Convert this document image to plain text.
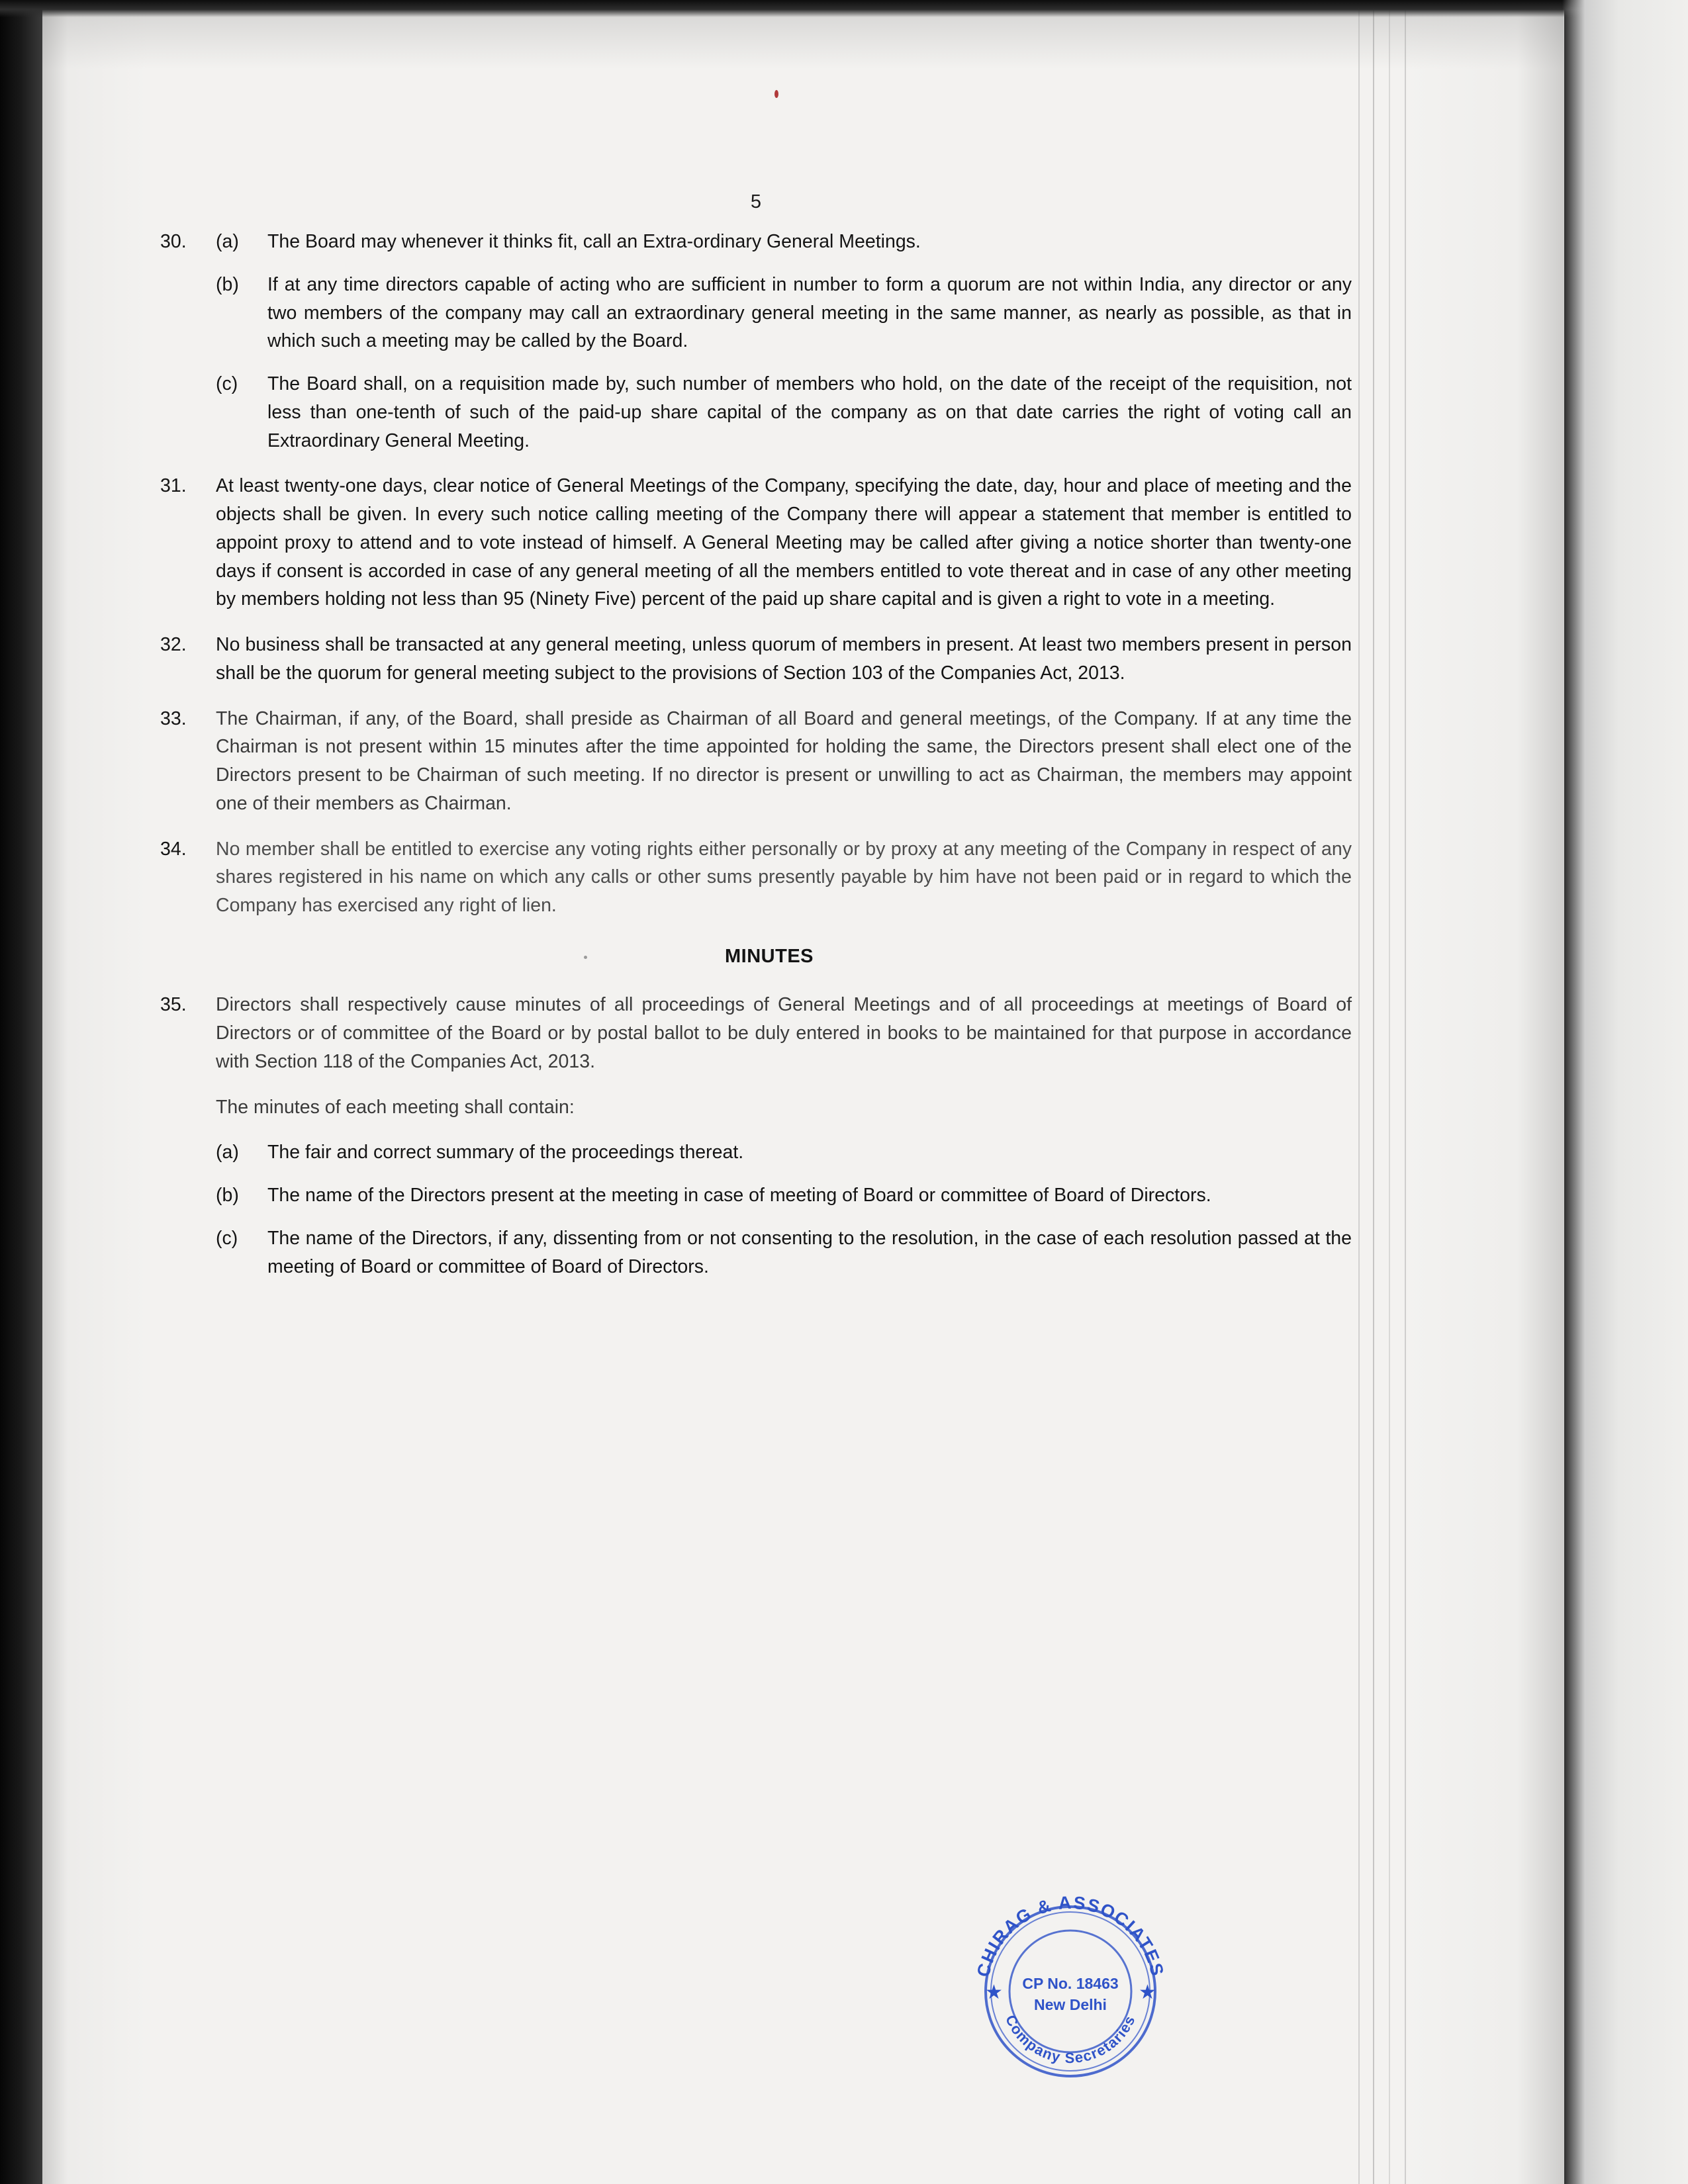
5
30.	(a)	The Board may whenever it thinks fit, call an Extra-ordinary General Meetings.
(b)	If at any time directors capable of acting who are sufficient in number to form a quorum are not within India, any director or any two members of the company may call an extraordinary general meeting in the same manner, as nearly as possible, as that in which such a meeting may be called by the Board.
(c)	The Board shall, on a requisition made by, such number of members who hold, on the date of the receipt of the requisition, not less than one-tenth of such of the paid-up share capital of the company as on that date carries the right of voting call an Extraordinary General Meeting.
31.	At least twenty-one days, clear notice of General Meetings of the Company, specifying the date, day, hour and place of meeting and the objects shall be given. In every such notice calling meeting of the Company there will appear a statement that member is entitled to appoint proxy to attend and to vote instead of himself. A General Meeting may be called after giving a notice shorter than twenty-one days if consent is accorded in case of any general meeting of all the members entitled to vote thereat and in case of any other meeting by members holding not less than 95 (Ninety Five) percent of the paid up share capital and is given a right to vote in a meeting.

32.	No business shall be transacted at any general meeting, unless quorum of members in present. At least two members present in person shall be the quorum for general meeting subject to the provisions of Section 103 of the Companies Act, 2013.

33.	The Chairman, if any, of the Board, shall preside as Chairman of all Board and general meetings, of the Company. If at any time the Chairman is not present within 15 minutes after the time appointed for holding the same, the Directors present shall elect one of the Directors present to be Chairman of such meeting. If no director is present or unwilling to act as Chairman, the members may appoint one of their members as Chairman.

34.	No member shall be entitled to exercise any voting rights either personally or by proxy at any meeting of the Company in respect of any shares registered in his name on which any calls or other sums presently payable by him have not been paid or in regard to which the Company has exercised any right of lien.

MINUTES
35.	Directors shall respectively cause minutes of all proceedings of General Meetings and of all proceedings at meetings of Board of Directors or of committee of the Board or by postal ballot to be duly entered in books to be maintained for that purpose in accordance with Section 118 of the Companies Act, 2013.

The minutes of each meeting shall contain:
(a)	The fair and correct summary of the proceedings thereat.
(b)	The name of the Directors present at the meeting in case of meeting of Board or committee of Board of Directors.
(c)	The name of the Directors, if any, dissenting from or not consenting to the resolution, in the case of each resolution passed at the meeting of Board or committee of Board of Directors.
CHIRAG & ASSOCIATES
Company Secretaries
★	★
CP No. 18463
New Delhi
